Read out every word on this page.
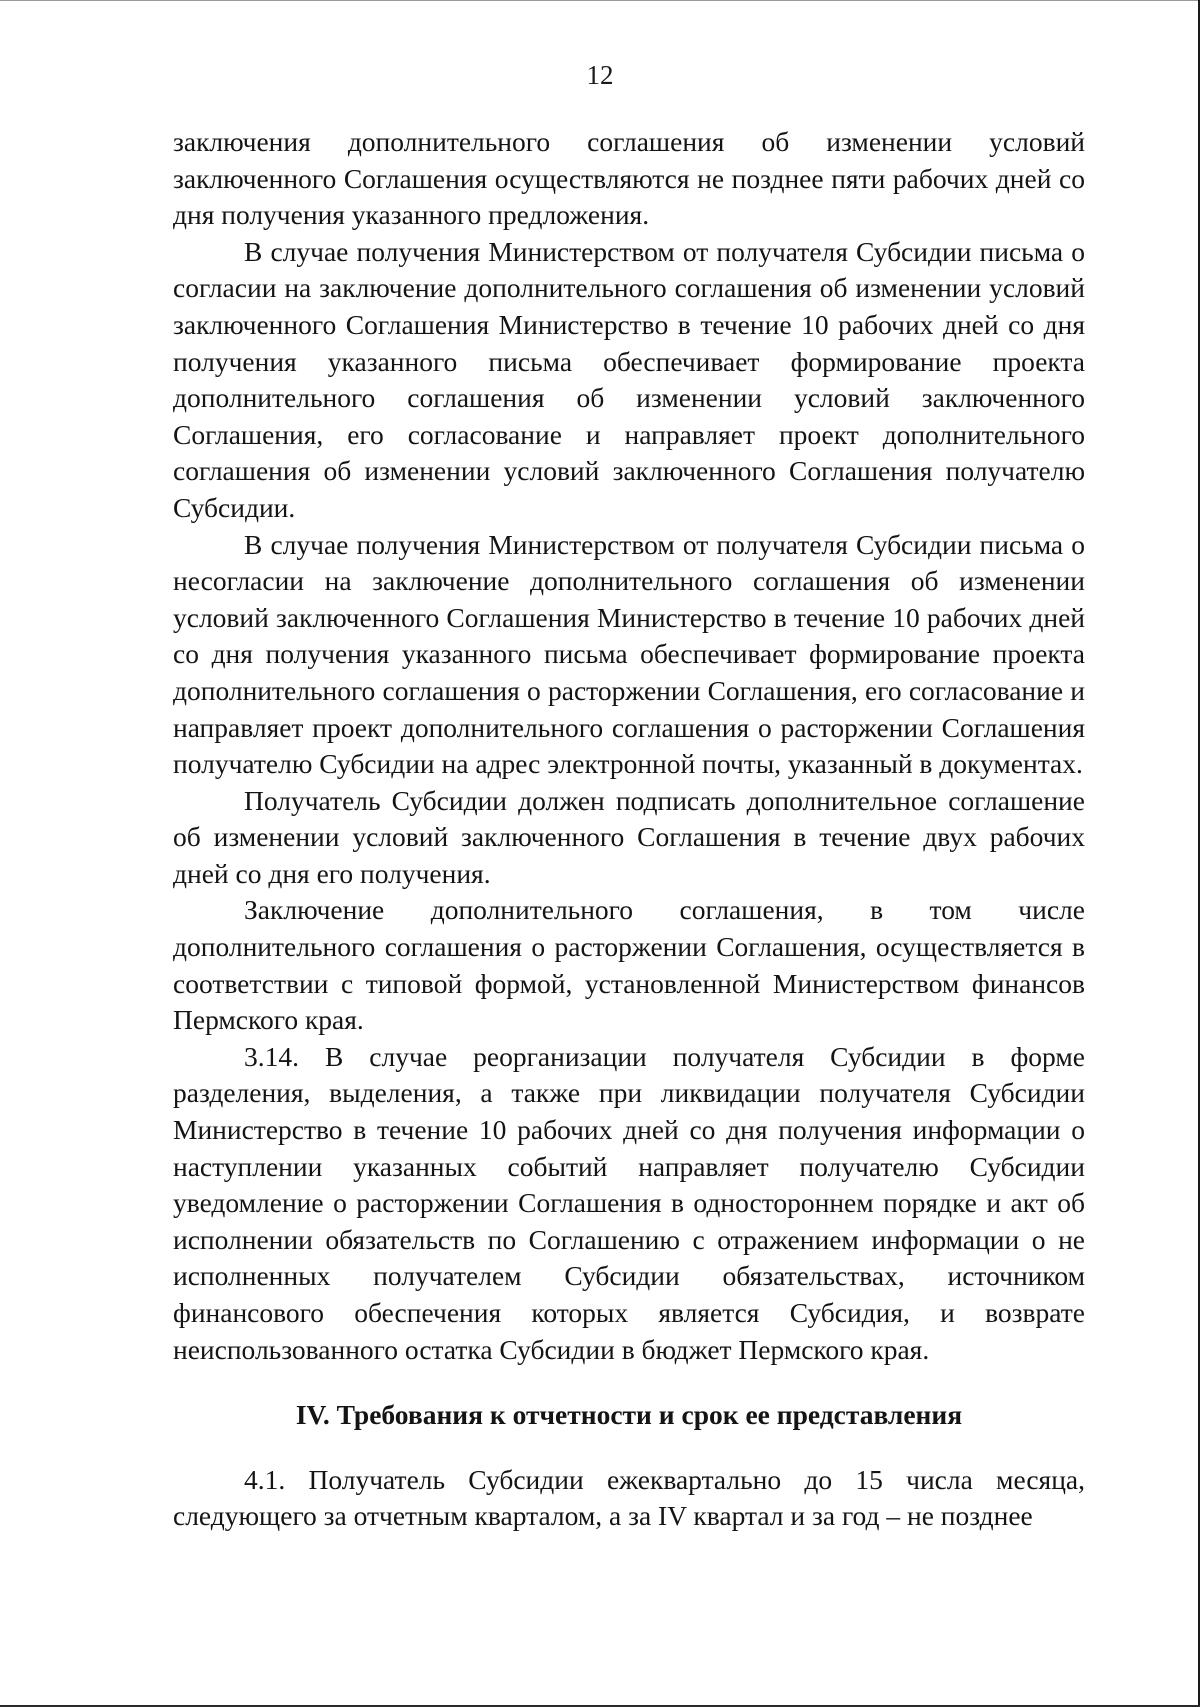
12

заключения дополнительного соглашения об изменении условий заключенного Соглашения осуществляются не позднее пяти рабочих дней со дня получения указанного предложения.

В случае получения Министерством от получателя Субсидии письма о согласии на заключение дополнительного соглашения об изменении условий заключенного Соглашения Министерство в течение 10 рабочих дней со дня получения указанного письма обеспечивает формирование проекта дополнительного соглашения об изменении условий заключенного Соглашения, его согласование и направляет проект дополнительного соглашения об изменении условий заключенного Соглашения получателю Субсидии.

В случае получения Министерством от получателя Субсидии письма о несогласии на заключение дополнительного соглашения об изменении условий заключенного Соглашения Министерство в течение 10 рабочих дней со дня получения указанного письма обеспечивает формирование проекта дополнительного соглашения о расторжении Соглашения, его согласование и направляет проект дополнительного соглашения о расторжении Соглашения получателю Субсидии на адрес электронной почты, указанный в документах.

Получатель Субсидии должен подписать дополнительное соглашение об изменении условий заключенного Соглашения в течение двух рабочих дней со дня его получения.

Заключение дополнительного соглашения, в том числе дополнительного соглашения о расторжении Соглашения, осуществляется в соответствии с типовой формой, установленной Министерством финансов Пермского края.

3.14. В случае реорганизации получателя Субсидии в форме разделения, выделения, а также при ликвидации получателя Субсидии Министерство в течение 10 рабочих дней со дня получения информации о наступлении указанных событий направляет получателю Субсидии уведомление о расторжении Соглашения в одностороннем порядке и акт об исполнении обязательств по Соглашению с отражением информации о не исполненных получателем Субсидии обязательствах, источником финансового обеспечения которых является Субсидия, и возврате неиспользованного остатка Субсидии в бюджет Пермского края.

IV. Требования к отчетности и срок ее представления

4.1. Получатель Субсидии ежеквартально до 15 числа месяца, следующего за отчетным кварталом, а за IV квартал и за год – не позднее
